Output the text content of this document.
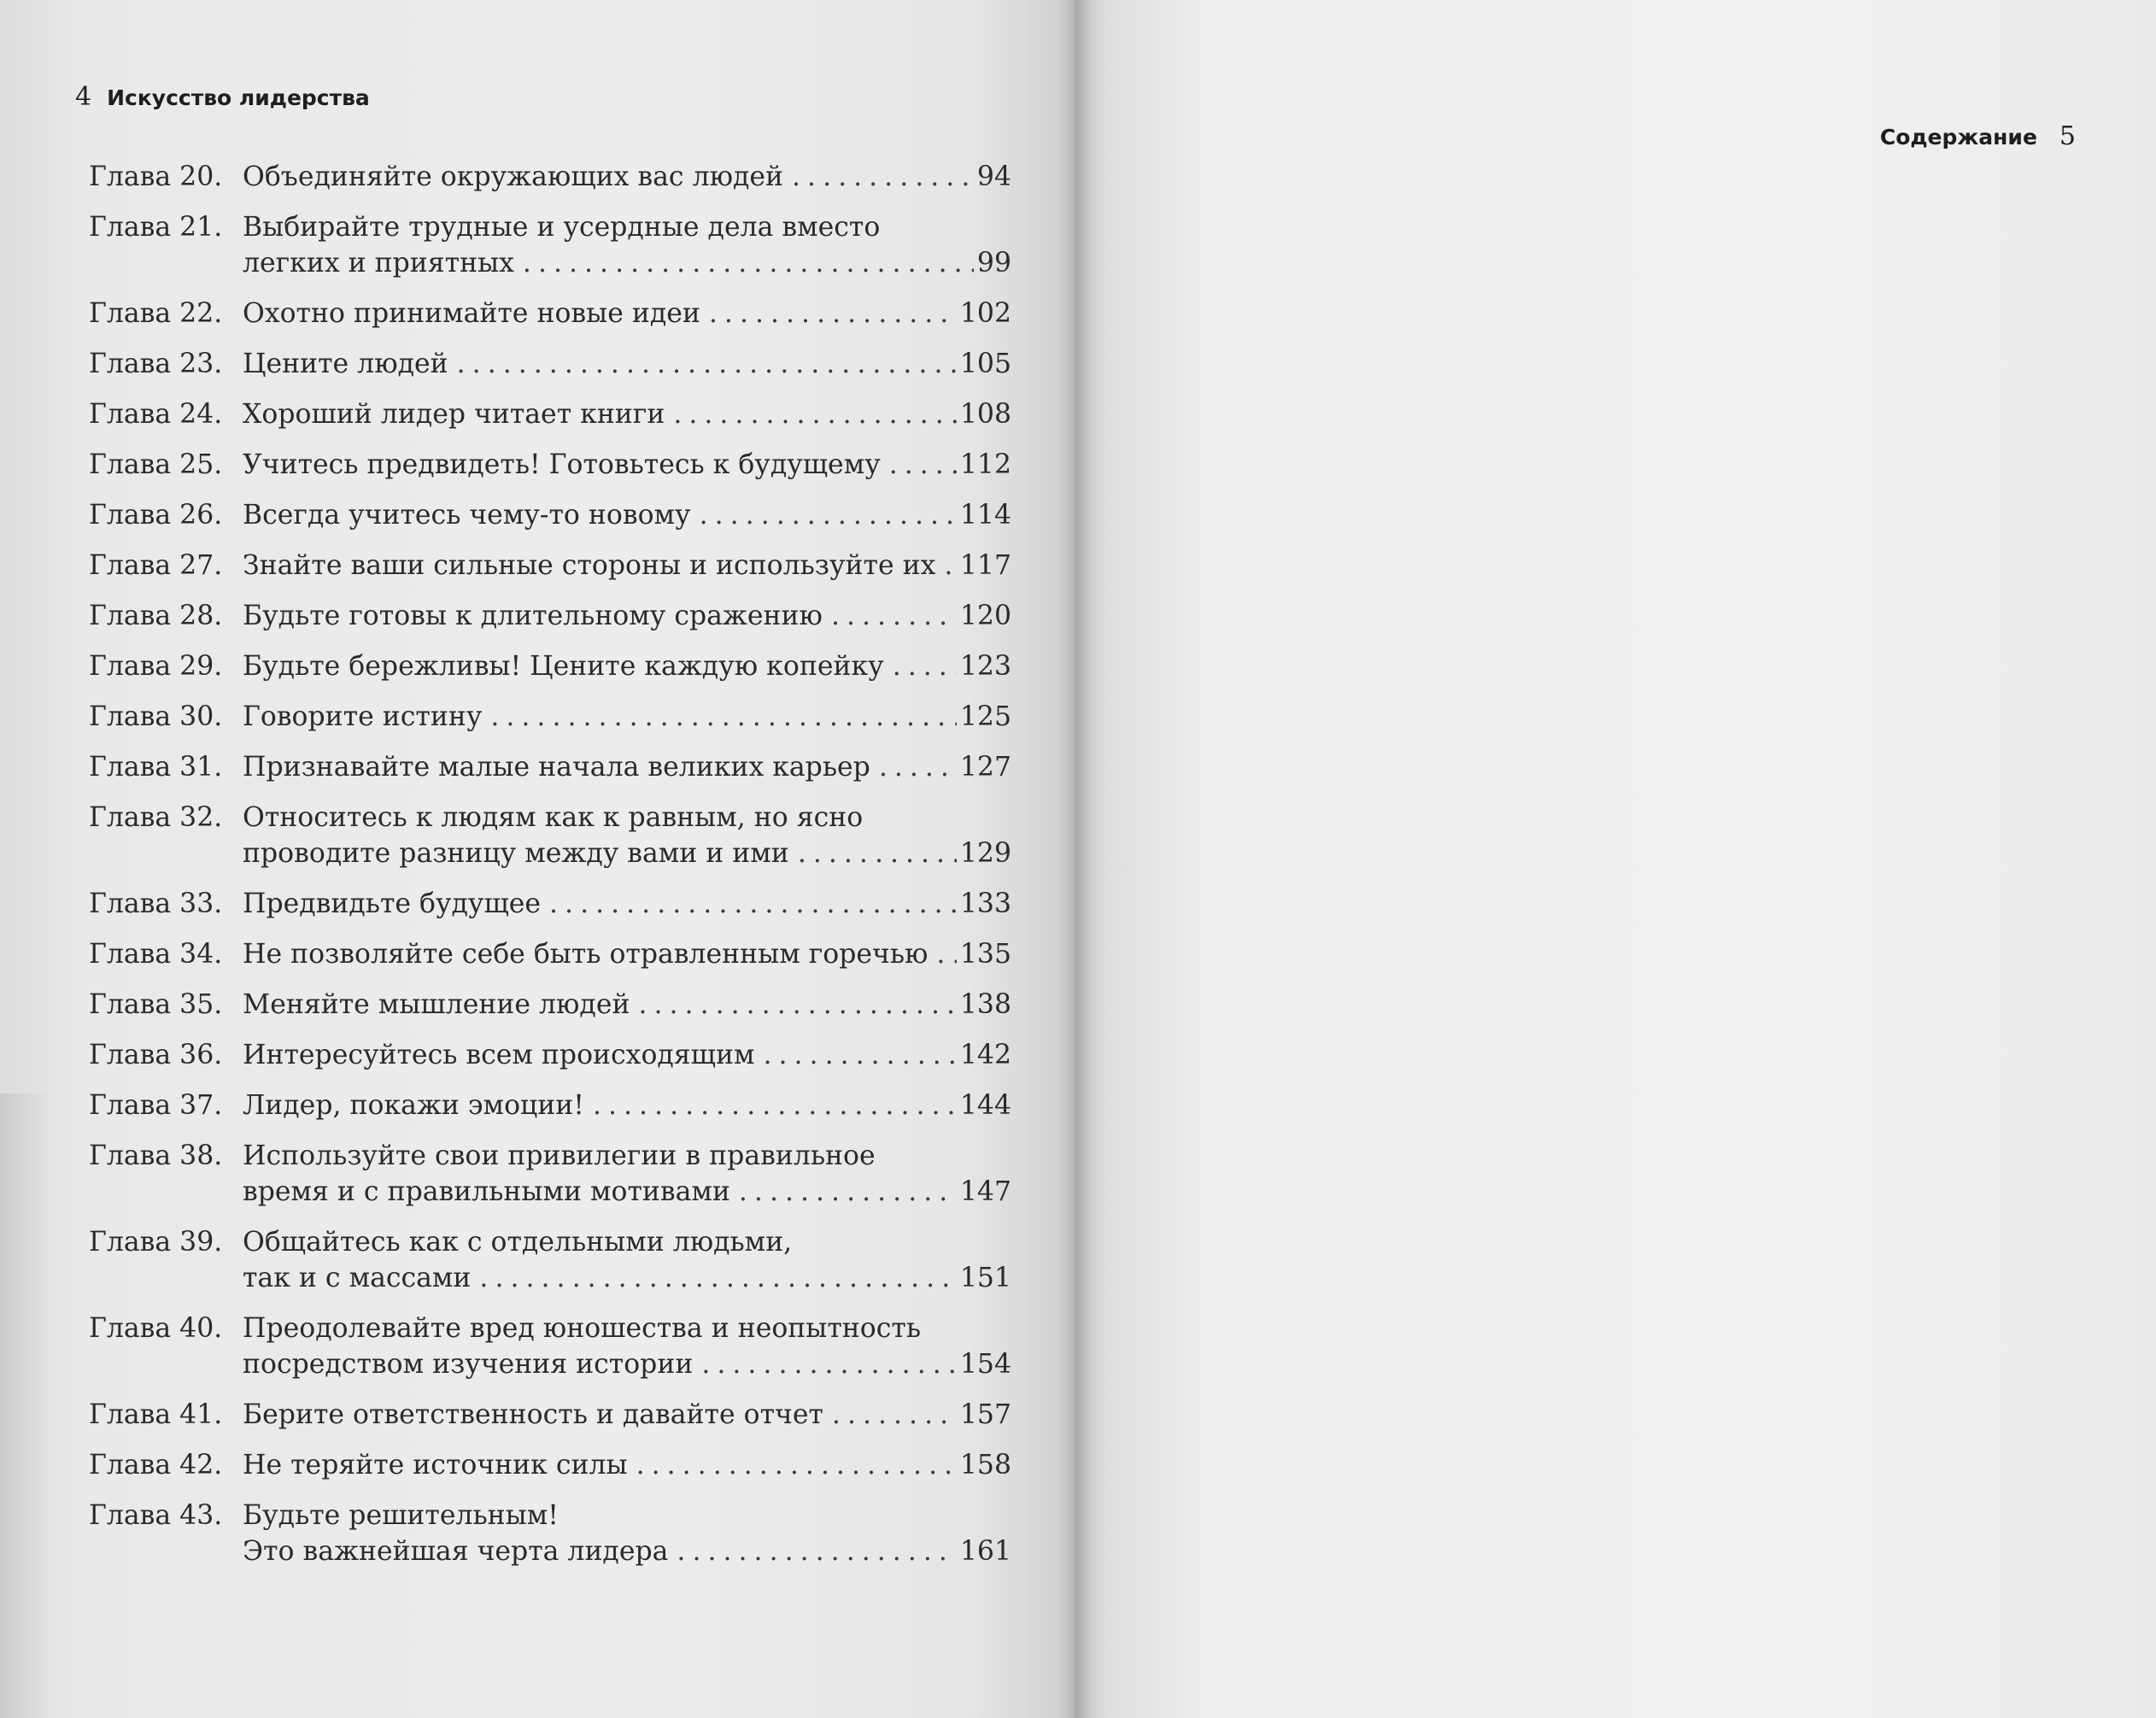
4 Искусство лидерства
Глава 20. Объединяйте окружающих вас людей . . .	94
Глава 21. Выбирайте трудные и усердные дела вместо
легких и приятных . . .	99
Глава 22. Охотно принимайте новые идеи . . .	102
Глава 23. Цените людей . . .	105
Глава 24. Хороший лидер читает книги . . .	108
Глава 25. Учитесь предвидеть! Готовьтесь к будущему . . .	112
Глава 26. Всегда учитесь чему-то новому . . .	114
Глава 27. Знайте ваши сильные стороны и используйте их . . . 117
Глава 28. Будьте готовы к длительному сражению . . .	120
Глава 29. Будьте бережливы! Цените каждую копейку . . .	123
Глава 30. Говорите истину . . .	125
Глава 31. Признавайте малые начала великих карьер . . .	127
Глава 32. Относитесь к людям как к равным, но ясно
проводите разницу между вами и ими . . .	129
Глава 33. Предвидьте будущее . . .	133
Глава 34. Не позволяйте себе быть отравленным горечью . . . 135
Глава 35. Меняйте мышление людей . . .	138
Глава 36. Интересуйтесь всем происходящим . . .	142
Глава 37. Лидер, покажи эмоции! . . .	144
Глава 38. Используйте свои привилегии в правильное
время и с правильными мотивами . . .	147
Глава 39. Общайтесь как с отдельными людьми,
так и с массами . . .	151
Глава 40. Преодолевайте вред юношества и неопытность
посредством изучения истории . . .	154
Глава 41. Берите ответственность и давайте отчет . . .	157
Глава 42. Не теряйте источник силы . . .	158
Глава 43. Будьте решительным!
Это важнейшая черта лидера . . .	161
Содержание 5
